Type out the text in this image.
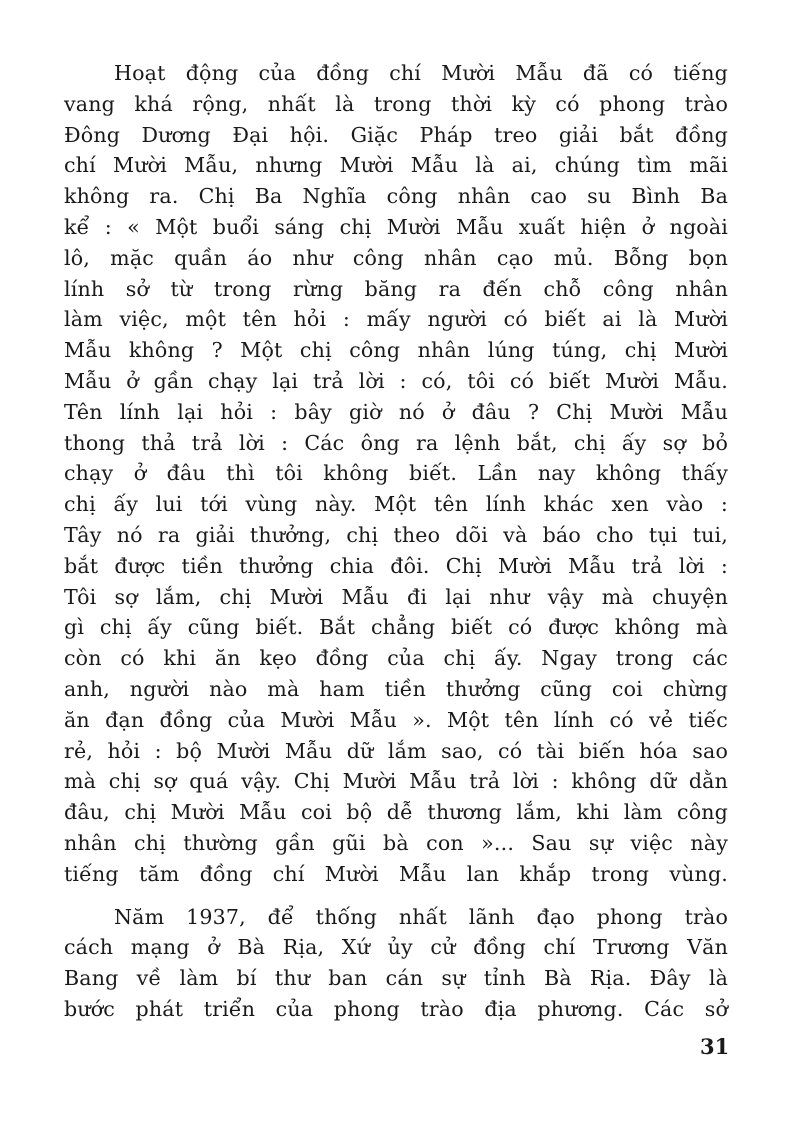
Hoạt động của đồng chí Mười Mẫu đã có tiếng
vang khá rộng, nhất là trong thời kỳ có phong trào
Đông Dương Đại hội. Giặc Pháp treo giải bắt đồng
chí Mười Mẫu, nhưng Mười Mẫu là ai, chúng tìm mãi
không ra. Chị Ba Nghĩa công nhân cao su Bình Ba
kể : « Một buổi sáng chị Mười Mẫu xuất hiện ở ngoài
lô, mặc quần áo như công nhân cạo mủ. Bỗng bọn
lính sở từ trong rừng băng ra đến chỗ công nhân
làm việc, một tên hỏi : mấy người có biết ai là Mười
Mẫu không ? Một chị công nhân lúng túng, chị Mười
Mẫu ở gần chạy lại trả lời : có, tôi có biết Mười Mẫu.
Tên lính lại hỏi : bây giờ nó ở đâu ? Chị Mười Mẫu
thong thả trả lời : Các ông ra lệnh bắt, chị ấy sợ bỏ
chạy ở đâu thì tôi không biết. Lần nay không thấy
chị ấy lui tới vùng này. Một tên lính khác xen vào :
Tây nó ra giải thưởng, chị theo dõi và báo cho tụi tui,
bắt được tiền thưởng chia đôi. Chị Mười Mẫu trả lời :
Tôi sợ lắm, chị Mười Mẫu đi lại như vậy mà chuyện
gì chị ấy cũng biết. Bắt chẳng biết có được không mà
còn có khi ăn kẹo đồng của chị ấy. Ngay trong các
anh, người nào mà ham tiền thưởng cũng coi chừng
ăn đạn đồng của Mười Mẫu ». Một tên lính có vẻ tiếc
rẻ, hỏi : bộ Mười Mẫu dữ lắm sao, có tài biến hóa sao
mà chị sợ quá vậy. Chị Mười Mẫu trả lời : không dữ dằn
đâu, chị Mười Mẫu coi bộ dễ thương lắm, khi làm công
nhân chị thường gần gũi bà con »... Sau sự việc này
tiếng tăm đồng chí Mười Mẫu lan khắp trong vùng.

Năm 1937, để thống nhất lãnh đạo phong trào
cách mạng ở Bà Rịa, Xứ ủy cử đồng chí Trương Văn
Bang về làm bí thư ban cán sự tỉnh Bà Rịa. Đây là
bước phát triển của phong trào địa phương. Các sở

31
